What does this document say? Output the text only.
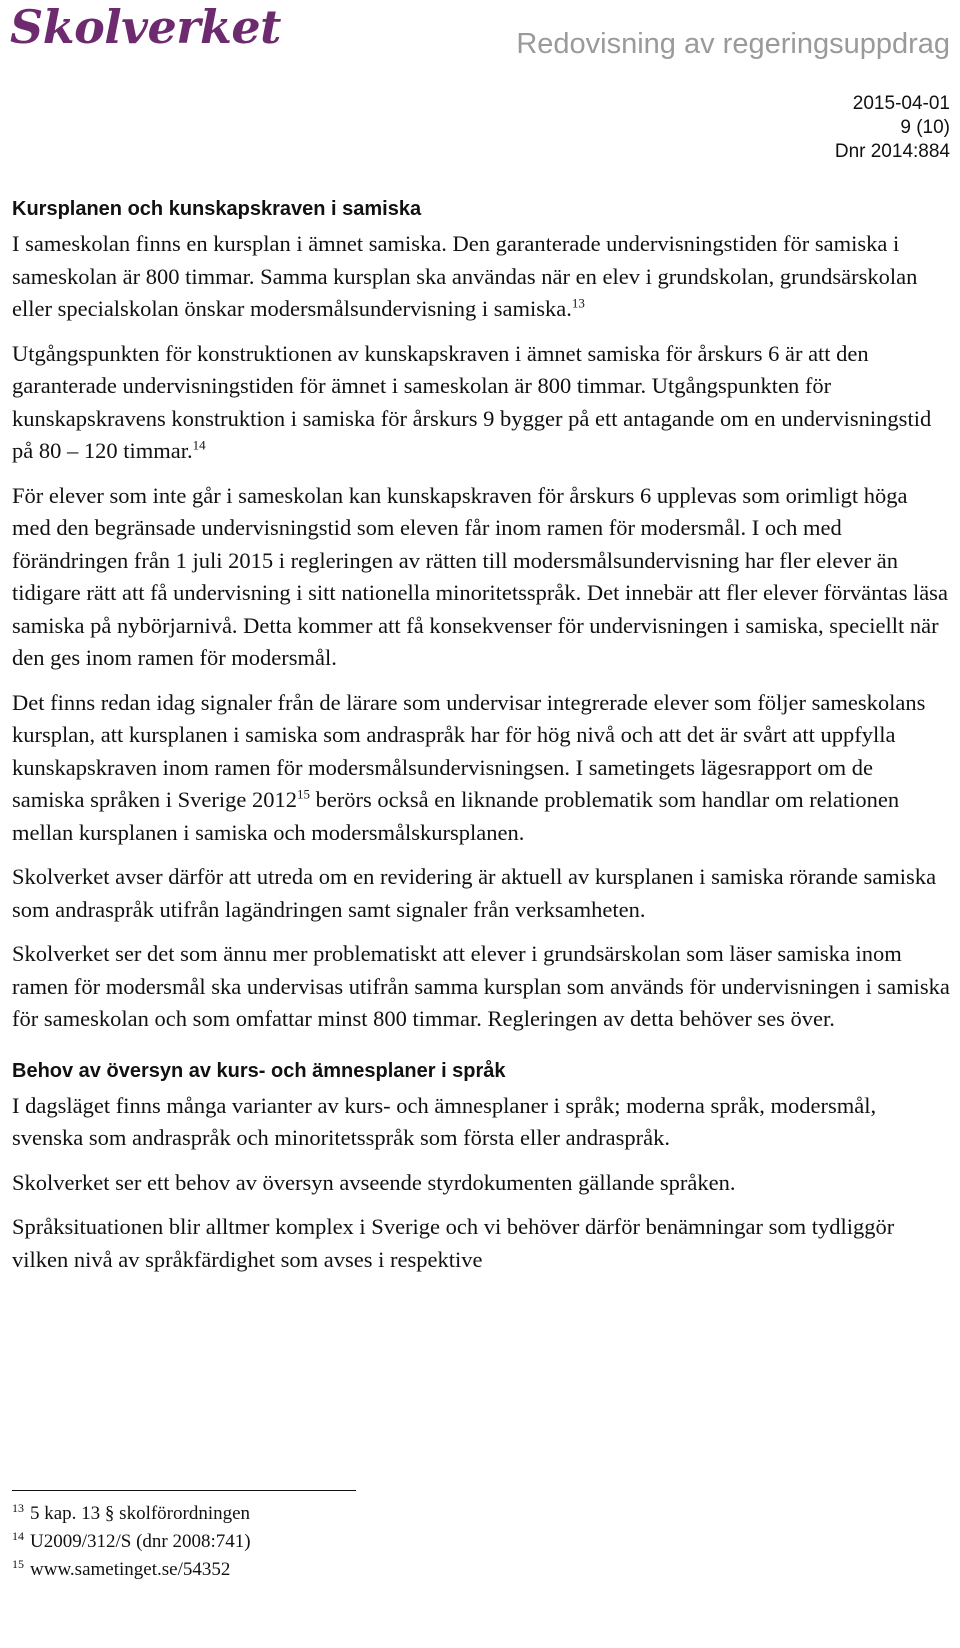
Skolverket	Redovisning av regeringsuppdrag
2015-04-01
9 (10)
Dnr 2014:884
Kursplanen och kunskapskraven i samiska

I sameskolan finns en kursplan i ämnet samiska. Den garanterade undervisningstiden för samiska i sameskolan är 800 timmar. Samma kursplan ska användas när en elev i grundskolan, grundsärskolan eller specialskolan önskar modersmålsundervisning i samiska.$^{13}$

Utgångspunkten för konstruktionen av kunskapskraven i ämnet samiska för årskurs 6 är att den garanterade undervisningstiden för ämnet i sameskolan är 800 timmar. Utgångspunkten för kunskapskravens konstruktion i samiska för årskurs 9 bygger på ett antagande om en undervisningstid på 80 – 120 timmar.$^{14}$

För elever som inte går i sameskolan kan kunskapskraven för årskurs 6 upplevas som orimligt höga med den begränsade undervisningstid som eleven får inom ramen för modersmål. I och med förändringen från 1 juli 2015 i regleringen av rätten till modersmålsundervisning har fler elever än tidigare rätt att få undervisning i sitt nationella minoritetsspråk. Det innebär att fler elever förväntas läsa samiska på nybörjarnivå. Detta kommer att få konsekvenser för undervisningen i samiska, speciellt när den ges inom ramen för modersmål.

Det finns redan idag signaler från de lärare som undervisar integrerade elever som följer sameskolans kursplan, att kursplanen i samiska som andraspråk har för hög nivå och att det är svårt att uppfylla kunskapskraven inom ramen för modersmålsundervisningsen. I sametingets lägesrapport om de samiska språken i Sverige 2012$^{15}$ berörs också en liknande problematik som handlar om relationen mellan kursplanen i samiska och modersmålskursplanen.

Skolverket avser därför att utreda om en revidering är aktuell av kursplanen i samiska rörande samiska som andraspråk utifrån lagändringen samt signaler från verksamheten.

Skolverket ser det som ännu mer problematiskt att elever i grundsärskolan som läser samiska inom ramen för modersmål ska undervisas utifrån samma kursplan som används för undervisningen i samiska för sameskolan och som omfattar minst 800 timmar. Regleringen av detta behöver ses över.

Behov av översyn av kurs- och ämnesplaner i språk

I dagsläget finns många varianter av kurs- och ämnesplaner i språk; moderna språk, modersmål, svenska som andraspråk och minoritetsspråk som första eller andraspråk.

Skolverket ser ett behov av översyn avseende styrdokumenten gällande språken.

Språksituationen blir alltmer komplex i Sverige och vi behöver därför benämningar som tydliggör vilken nivå av språkfärdighet som avses i respektive

$^{13}$ 5 kap. 13 § skolförordningen
$^{14}$ U2009/312/S (dnr 2008:741)
$^{15}$ www.sametinget.se/54352
